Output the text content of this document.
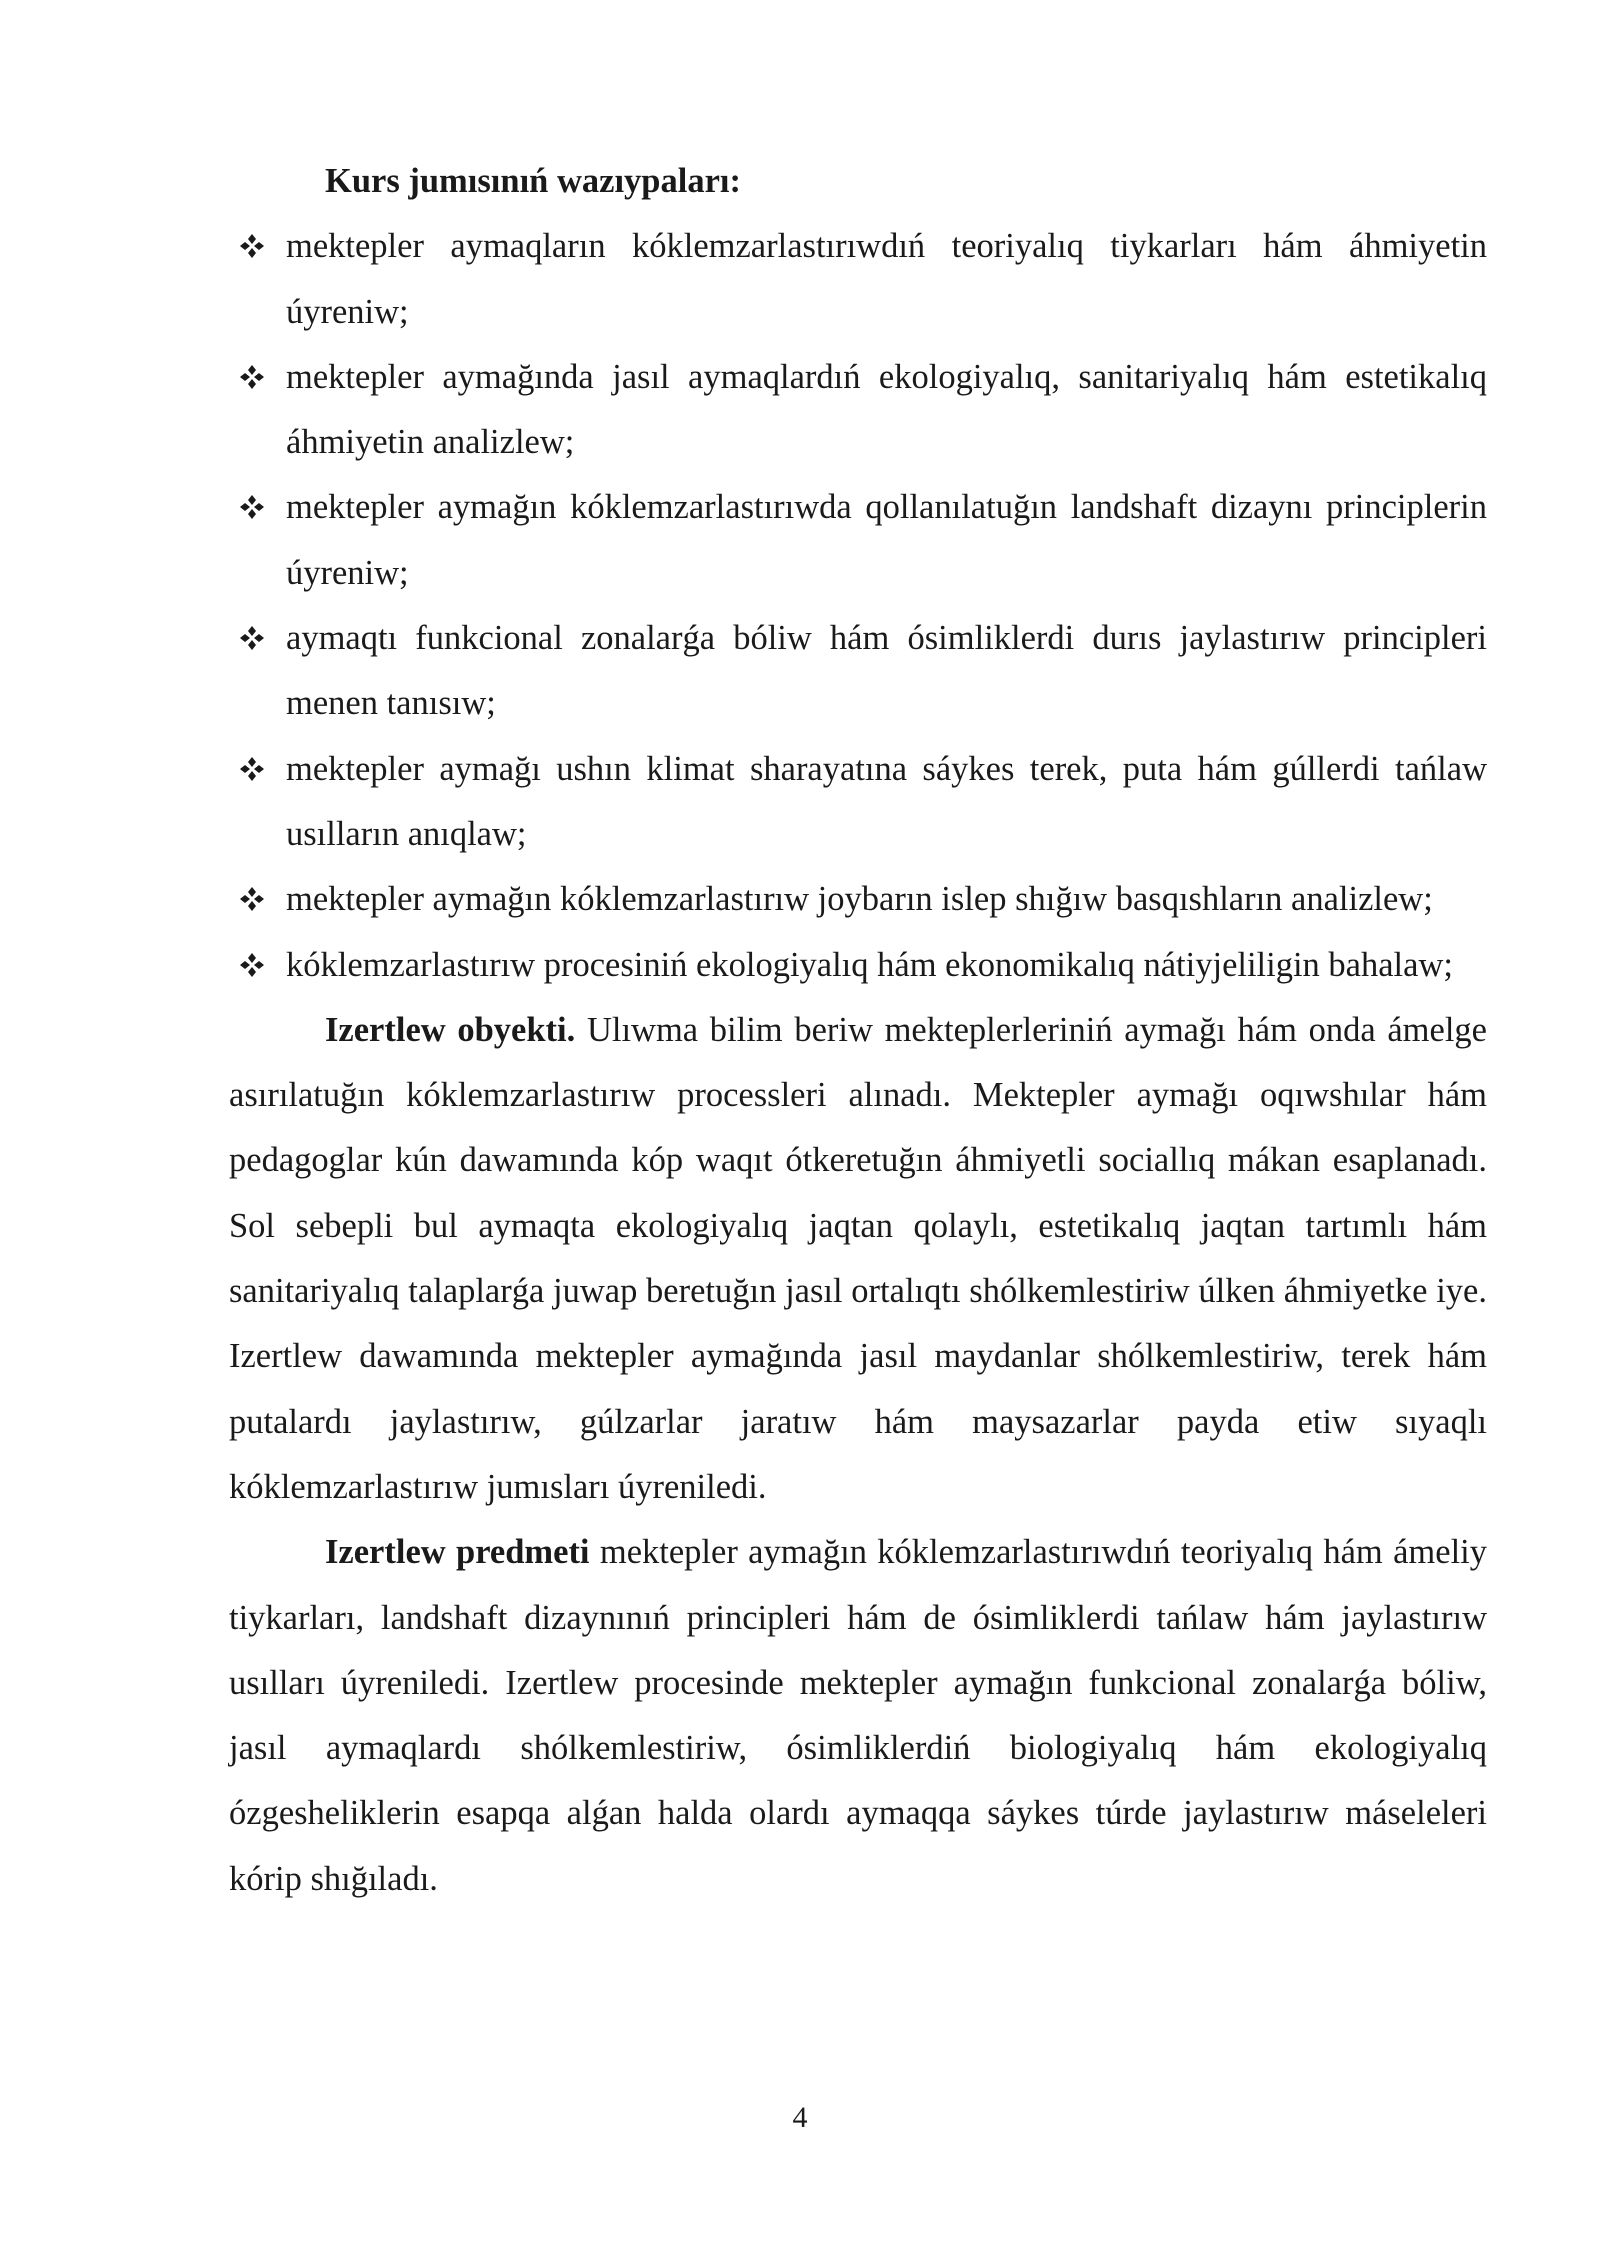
Kurs jumısınıń wazıypaları:

mektepler aymaqların kóklemzarlastırıwdıń teoriyalıq tiykarları hám áhmiyetin úyreniw;
mektepler aymağında jasıl aymaqlardıń ekologiyalıq, sanitariyalıq hám estetikalıq áhmiyetin analizlew;
mektepler aymağın kóklemzarlastırıwda qollanılatuğın landshaft dizaynı principlerin úyreniw;
aymaqtı funkcional zonalarǵa bóliw hám ósimliklerdi durıs jaylastırıw principleri menen tanısıw;
mektepler aymağı ushın klimat sharayatına sáykes terek, puta hám gúllerdi tańlaw usılların anıqlaw;
mektepler aymağın kóklemzarlastırıw joybarın islep shığıw basqıshların analizlew;
kóklemzarlastırıw procesiniń ekologiyalıq hám ekonomikalıq nátiyjeliligin bahalaw;

Izertlew obyekti. Ulıwma bilim beriw mekteplerleriniń aymağı hám onda ámelge asırılatuğın kóklemzarlastırıw processleri alınadı. Mektepler aymağı oqıwshılar hám pedagoglar kún dawamında kóp waqıt ótkeretuğın áhmiyetli sociallıq mákan esaplanadı. Sol sebepli bul aymaqta ekologiyalıq jaqtan qolaylı, estetikalıq jaqtan tartımlı hám sanitariyalıq talaplarǵa juwap beretuğın jasıl ortalıqtı shólkemlestiriw úlken áhmiyetke iye. Izertlew dawamında mektepler aymağında jasıl maydanlar shólkemlestiriw, terek hám putalardı jaylastırıw, gúlzarlar jaratıw hám maysazarlar payda etiw sıyaqlı kóklemzarlastırıw jumısları úyreniledi.

Izertlew predmeti mektepler aymağın kóklemzarlastırıwdıń teoriyalıq hám ámeliy tiykarları, landshaft dizaynınıń principleri hám de ósimliklerdi tańlaw hám jaylastırıw usılları úyreniledi. Izertlew procesinde mektepler aymağın funkcional zonalarǵa bóliw, jasıl aymaqlardı shólkemlestiriw, ósimliklerdiń biologiyalıq hám ekologiyalıq ózgesheliklerin esapqa alǵan halda olardı aymaqqa sáykes túrde jaylastırıw máseleleri kórip shığıladı.

4
